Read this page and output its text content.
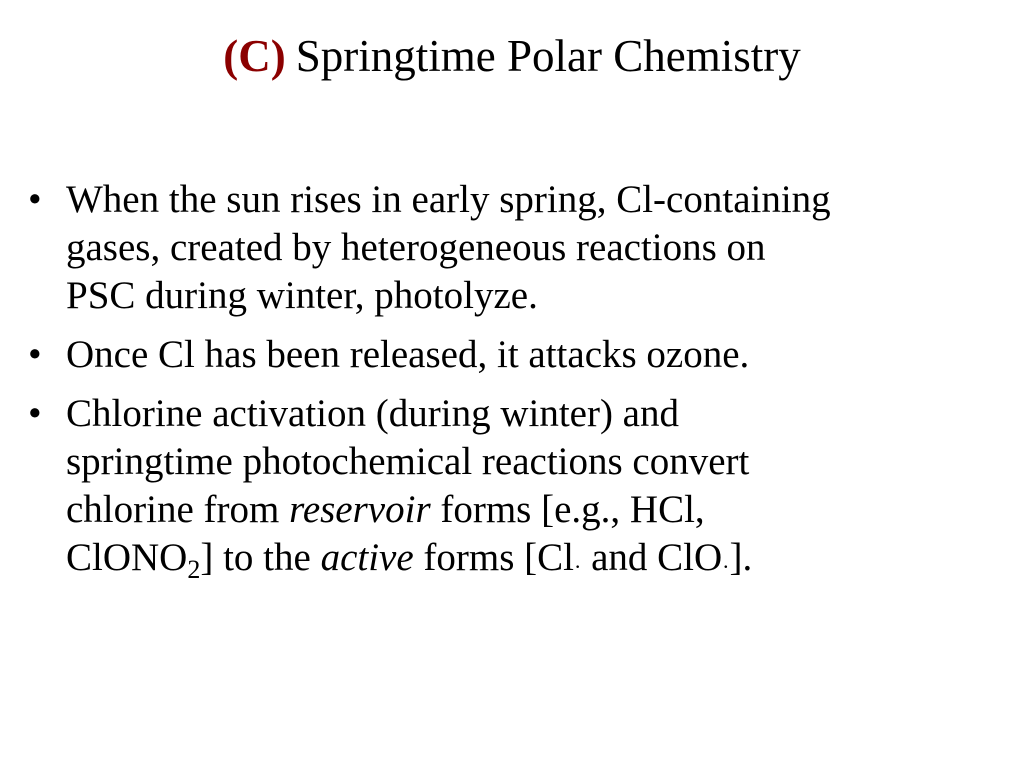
(C) Springtime Polar Chemistry
• When the sun rises in early spring, Cl-containing
gases, created by heterogeneous reactions on
PSC during winter, photolyze.
• Once Cl has been released, it attacks ozone.
• Chlorine activation (during winter) and
springtime photochemical reactions convert
chlorine from reservoir forms [e.g., HCl,
ClONO$_2$] to the active forms [Cl· and ClO·].
